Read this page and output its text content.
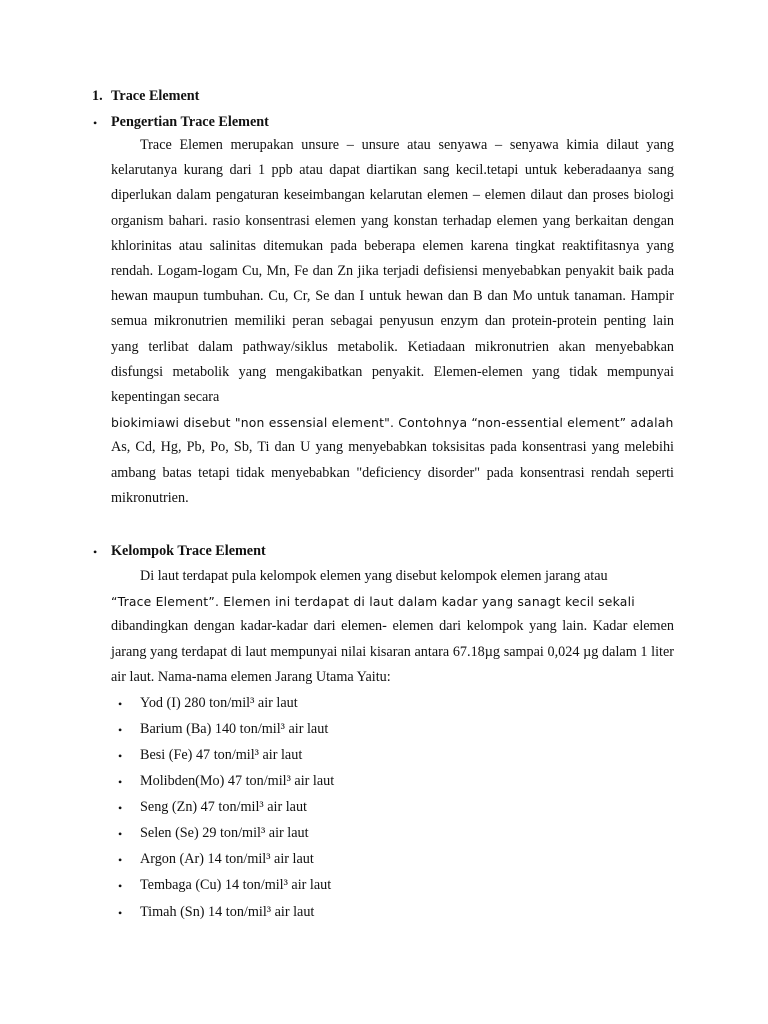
1. Trace Element
• Pengertian Trace Element

Trace Elemen merupakan unsure – unsure atau senyawa – senyawa kimia dilaut yang kelarutanya kurang dari 1 ppb atau dapat diartikan sang kecil.tetapi untuk keberadaanya sang diperlukan dalam pengaturan keseimbangan kelarutan elemen – elemen dilaut dan proses biologi organism bahari. rasio konsentrasi elemen yang konstan terhadap elemen yang berkaitan dengan khlorinitas atau salinitas ditemukan pada beberapa elemen karena tingkat reaktifitasnya yang rendah. Logam-logam Cu, Mn, Fe dan Zn jika terjadi defisiensi menyebabkan penyakit baik pada hewan maupun tumbuhan. Cu, Cr, Se dan I untuk hewan dan B dan Mo untuk tanaman. Hampir semua mikronutrien memiliki peran sebagai penyusun enzym dan protein-protein penting lain yang terlibat dalam pathway/siklus metabolik. Ketiadaan mikronutrien akan menyebabkan disfungsi metabolik yang mengakibatkan penyakit. Elemen-elemen yang tidak mempunyai kepentingan secara

biokimiawi disebut "non essensial element". Contohnya “non-essential element” adalah

As, Cd, Hg, Pb, Po, Sb, Ti dan U yang menyebabkan toksisitas pada konsentrasi yang melebihi ambang batas tetapi tidak menyebabkan "deficiency disorder" pada konsentrasi rendah seperti mikronutrien.

• Kelompok Trace Element

Di laut terdapat pula kelompok elemen yang disebut kelompok elemen jarang atau

“Trace Element”. Elemen ini terdapat di laut dalam kadar yang sanagt kecil sekali

dibandingkan dengan kadar-kadar dari elemen- elemen dari kelompok yang lain. Kadar elemen jarang yang terdapat di laut mempunyai nilai kisaran antara 67.18µg sampai 0,024 µg dalam 1 liter air laut. Nama-nama elemen Jarang Utama Yaitu:

• Yod (I) 280 ton/mil³ air laut
• Barium (Ba) 140 ton/mil³ air laut
• Besi (Fe) 47 ton/mil³ air laut
• Molibden(Mo) 47 ton/mil³ air laut
• Seng (Zn) 47 ton/mil³ air laut
• Selen (Se) 29 ton/mil³ air laut
• Argon (Ar) 14 ton/mil³ air laut
• Tembaga (Cu) 14 ton/mil³ air laut
• Timah (Sn) 14 ton/mil³ air laut
